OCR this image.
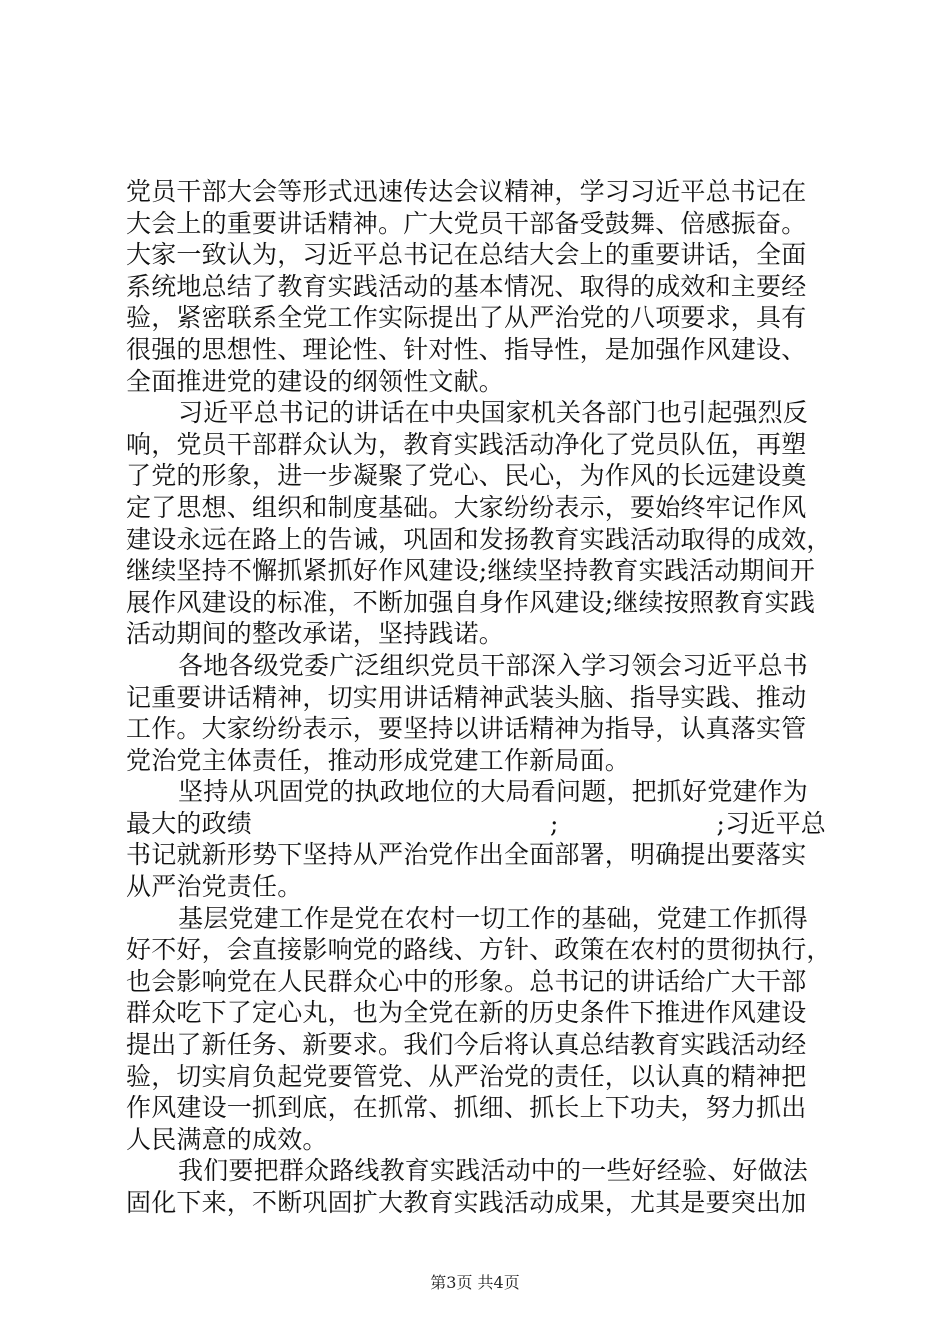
党员干部大会等形式迅速传达会议精神，学习习近平总书记在
大会上的重要讲话精神。广大党员干部备受鼓舞、倍感振奋。
大家一致认为，习近平总书记在总结大会上的重要讲话，全面
系统地总结了教育实践活动的基本情况、取得的成效和主要经
验，紧密联系全党工作实际提出了从严治党的八项要求，具有
很强的思想性、理论性、针对性、指导性，是加强作风建设、
全面推进党的建设的纲领性文献。

习近平总书记的讲话在中央国家机关各部门也引起强烈反
响，党员干部群众认为，教育实践活动净化了党员队伍，再塑
了党的形象，进一步凝聚了党心、民心，为作风的长远建设奠
定了思想、组织和制度基础。大家纷纷表示，要始终牢记作风
建设永远在路上的告诫，巩固和发扬教育实践活动取得的成效，
继续坚持不懈抓紧抓好作风建设;继续坚持教育实践活动期间开
展作风建设的标准，不断加强自身作风建设;继续按照教育实践
活动期间的整改承诺，坚持践诺。

各地各级党委广泛组织党员干部深入学习领会习近平总书
记重要讲话精神，切实用讲话精神武装头脑、指导实践、推动
工作。大家纷纷表示，要坚持以讲话精神为指导，认真落实管
党治党主体责任，推动形成党建工作新局面。

坚持从巩固党的执政地位的大局看问题，把抓好党建作为
最大的政绩	;	;习近平总
书记就新形势下坚持从严治党作出全面部署，明确提出要落实
从严治党责任。

基层党建工作是党在农村一切工作的基础，党建工作抓得
好不好，会直接影响党的路线、方针、政策在农村的贯彻执行，
也会影响党在人民群众心中的形象。总书记的讲话给广大干部
群众吃下了定心丸，也为全党在新的历史条件下推进作风建设
提出了新任务、新要求。我们今后将认真总结教育实践活动经
验，切实肩负起党要管党、从严治党的责任，以认真的精神把
作风建设一抓到底，在抓常、抓细、抓长上下功夫，努力抓出
人民满意的成效。

我们要把群众路线教育实践活动中的一些好经验、好做法
固化下来，不断巩固扩大教育实践活动成果，尤其是要突出加

第3页 共4页
